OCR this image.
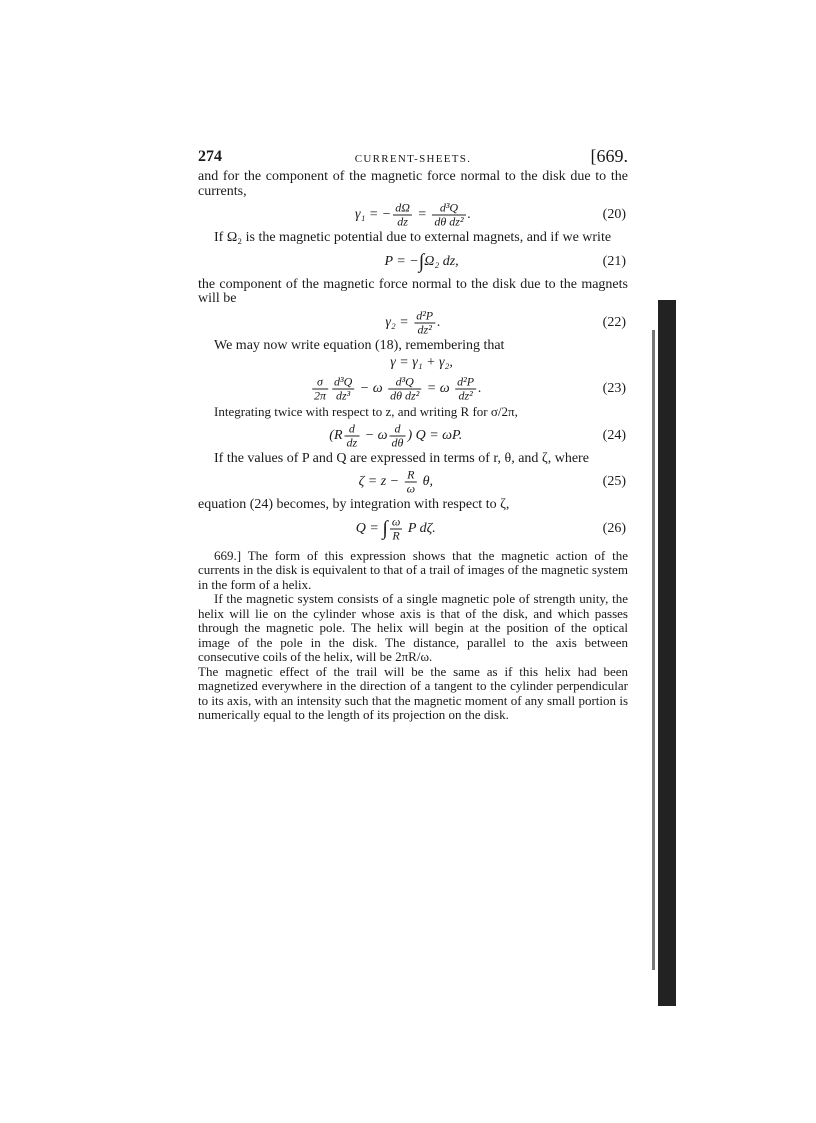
274	CURRENT-SHEETS.	[669.

and for the component of the magnetic force normal to the disk due to the currents,

γ₁ = − $\frac{d\Omega}{dz} = \frac{\text{d³Q}}{\text{dθ dz²}}$ .	(20)

If Ω₂ is the magnetic potential due to external magnets, and if we write

P = −∫Ω₂ dz,	(21)

the component of the magnetic force normal to the disk due to the magnets will be

$\gamma_2 = \frac{\text{d²P}}{\text{dz²}}$ .	(22)

We may now write equation (18), remembering that

γ = γ₁ + γ₂,
$\frac{\sigma}{2\pi} \frac{\text{d³Q}}{\text{dz³}} - \omega \frac{\text{d³Q}}{\text{dθ dz²}} = \omega \frac{\text{d²P}}{\text{dz²}}$ .	(23)

Integrating twice with respect to z, and writing R for σ/2π,

($R \frac{d}{dz} - \omega \frac{d}{d\theta}$ ) Q = ωP.	(24)

If the values of P and Q are expressed in terms of r, θ, and ζ, where

$\zeta = z - \frac{R}{\omega} \theta$,	(25)

equation (24) becomes, by integration with respect to ζ,

Q = ∫ $\frac{\omega}{R}$ P dζ.	(26)

669.] The form of this expression shows that the magnetic action of the currents in the disk is equivalent to that of a trail of images of the magnetic system in the form of a helix.

If the magnetic system consists of a single magnetic pole of strength unity, the helix will lie on the cylinder whose axis is that of the disk, and which passes through the magnetic pole. The helix will begin at the position of the optical image of the pole in the disk. The distance, parallel to the axis between consecutive coils of the helix, will be 2πR/ω.

The magnetic effect of the trail will be the same as if this helix had been magnetized everywhere in the direction of a tangent to the cylinder perpendicular to its axis, with an intensity such that the magnetic moment of any small portion is numerically equal to the length of its projection on the disk.
